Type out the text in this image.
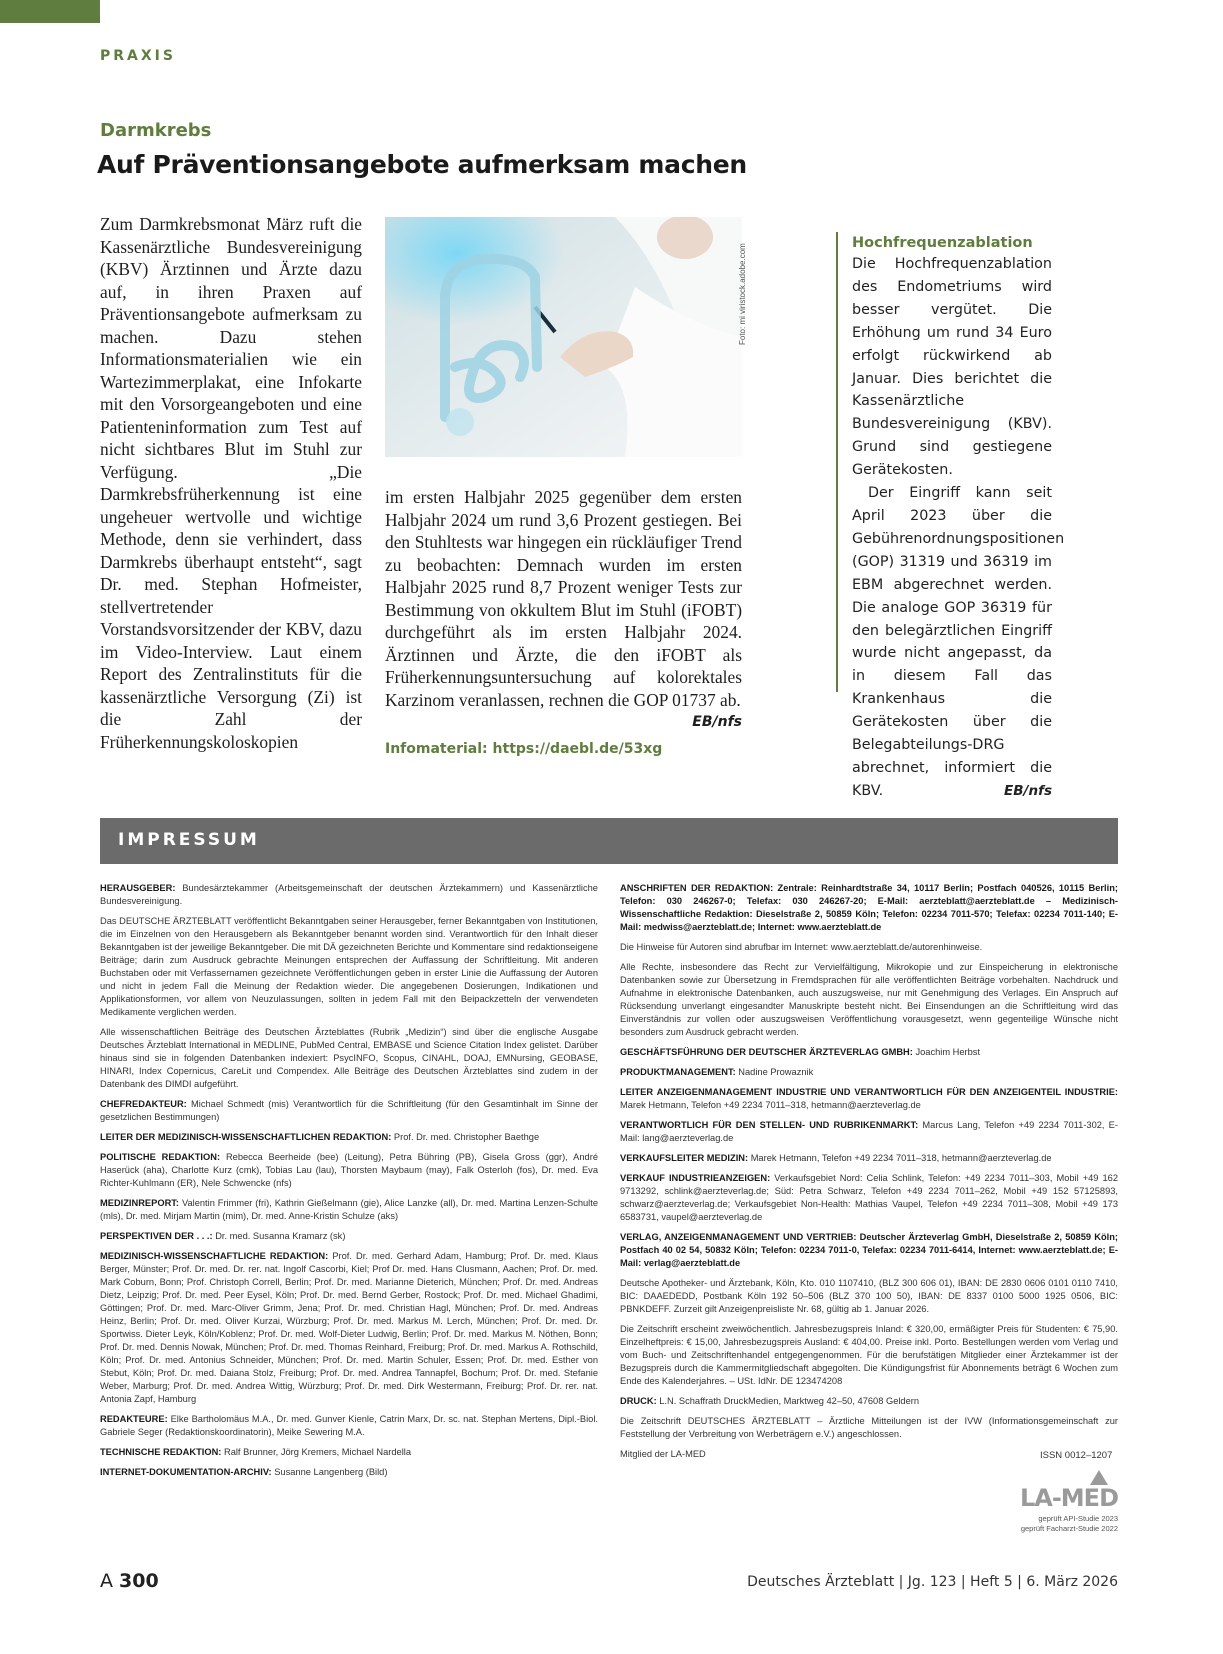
PRAXIS
Darmkrebs
Auf Präventionsangebote aufmerksam machen
Zum Darmkrebsmonat März ruft die Kassenärztliche Bundesvereinigung (KBV) Ärztinnen und Ärzte dazu auf, in ihren Praxen auf Präventionsangebote aufmerksam zu machen. Dazu stehen Informationsmaterialien wie ein Wartezimmerplakat, eine Infokarte mit den Vorsorgeangeboten und eine Patienteninformation zum Test auf nicht sichtbares Blut im Stuhl zur Verfügung. „Die Darmkrebsfrüherkennung ist eine ungeheuer wertvolle und wichtige Methode, denn sie verhindert, dass Darmkrebs überhaupt entsteht“, sagt Dr. med. Stephan Hofmeister, stellvertretender Vorstandsvorsitzender der KBV, dazu im Video-Interview. Laut einem Report des Zentralinstituts für die kassenärztliche Versorgung (Zi) ist die Zahl der Früherkennungskoloskopien
Foto: mi viristock.adobe.com
im ersten Halbjahr 2025 gegenüber dem ersten Halbjahr 2024 um rund 3,6 Prozent gestiegen. Bei den Stuhltests war hingegen ein rückläufiger Trend zu beobachten: Demnach wurden im ersten Halbjahr 2025 rund 8,7 Prozent weniger Tests zur Bestimmung von okkultem Blut im Stuhl (iFOBT) durchgeführt als im ersten Halbjahr 2024. Ärztinnen und Ärzte, die den iFOBT als Früherkennungsuntersuchung auf kolorektales Karzinom veranlassen, rechnen die GOP 01737 ab.
EB/nfs
Infomaterial: https://daebl.de/53xg
Hochfrequenzablation

Die Hochfrequenzablation des Endometriums wird besser vergütet. Die Erhöhung um rund 34 Euro erfolgt rückwirkend ab Januar. Dies berichtet die Kassenärztliche Bundesvereinigung (KBV). Grund sind gestiegene Gerätekosten.

Der Eingriff kann seit April 2023 über die Gebührenordnungspositionen (GOP) 31319 und 36319 im EBM abgerechnet werden. Die analoge GOP 36319 für den belegärztlichen Eingriff wurde nicht angepasst, da in diesem Fall das Krankenhaus die Gerätekosten über die Belegabteilungs-DRG abrechnet, informiert die KBV.	EB/nfs

IMPRESSUM

HERAUSGEBER: Bundesärztekammer (Arbeitsgemeinschaft der deutschen Ärztekammern) und Kassenärztliche Bundesvereinigung.

Das DEUTSCHE ÄRZTEBLATT veröffentlicht Bekanntgaben seiner Herausgeber, ferner Bekanntgaben von Institutionen, die im Einzelnen von den Herausgebern als Bekanntgeber benannt worden sind. Verantwortlich für den Inhalt dieser Bekanntgaben ist der jeweilige Bekanntgeber. Die mit DÄ gezeichneten Berichte und Kommentare sind redaktionseigene Beiträge; darin zum Ausdruck gebrachte Meinungen entsprechen der Auffassung der Schriftleitung. Mit anderen Buchstaben oder mit Verfassernamen gezeichnete Veröffentlichungen geben in erster Linie die Auffassung der Autoren und nicht in jedem Fall die Meinung der Redaktion wieder. Die angegebenen Dosierungen, Indikationen und Applikationsformen, vor allem von Neuzulassungen, sollten in jedem Fall mit den Beipackzetteln der verwendeten Medikamente verglichen werden.

Alle wissenschaftlichen Beiträge des Deutschen Ärzteblattes (Rubrik „Medizin“) sind über die englische Ausgabe Deutsches Ärzteblatt International in MEDLINE, PubMed Central, EMBASE und Science Citation Index gelistet. Darüber hinaus sind sie in folgenden Datenbanken indexiert: PsycINFO, Scopus, CINAHL, DOAJ, EMNursing, GEOBASE, HINARI, Index Copernicus, CareLit und Compendex. Alle Beiträge des Deutschen Ärzteblattes sind zudem in der Datenbank des DIMDI aufgeführt.

CHEFREDAKTEUR: Michael Schmedt (mis) Verantwortlich für die Schriftleitung (für den Gesamtinhalt im Sinne der gesetzlichen Bestimmungen)

LEITER DER MEDIZINISCH-WISSENSCHAFTLICHEN REDAKTION: Prof. Dr. med. Christopher Baethge

POLITISCHE REDAKTION: Rebecca Beerheide (bee) (Leitung), Petra Bühring (PB), Gisela Gross (ggr), André Haserück (aha), Charlotte Kurz (cmk), Tobias Lau (lau), Thorsten Maybaum (may), Falk Osterloh (fos), Dr. med. Eva Richter-Kuhlmann (ER), Nele Schwencke (nfs)

MEDIZINREPORT: Valentin Frimmer (fri), Kathrin Gießelmann (gie), Alice Lanzke (all), Dr. med. Martina Lenzen-Schulte (mls), Dr. med. Mirjam Martin (mim), Dr. med. Anne-Kristin Schulze (aks)

PERSPEKTIVEN DER . . .: Dr. med. Susanna Kramarz (sk)

MEDIZINISCH-WISSENSCHAFTLICHE REDAKTION: Prof. Dr. med. Gerhard Adam, Hamburg; Prof. Dr. med. Klaus Berger, Münster; Prof. Dr. med. Dr. rer. nat. Ingolf Cascorbi, Kiel; Prof Dr. med. Hans Clusmann, Aachen; Prof. Dr. med. Mark Coburn, Bonn; Prof. Christoph Correll, Berlin; Prof. Dr. med. Marianne Dieterich, München; Prof. Dr. med. Andreas Dietz, Leipzig; Prof. Dr. med. Peer Eysel, Köln; Prof. Dr. med. Bernd Gerber, Rostock; Prof. Dr. med. Michael Ghadimi, Göttingen; Prof. Dr. med. Marc-Oliver Grimm, Jena; Prof. Dr. med. Christian Hagl, München; Prof. Dr. med. Andreas Heinz, Berlin; Prof. Dr. med. Oliver Kurzai, Würzburg; Prof. Dr. med. Markus M. Lerch, München; Prof. Dr. med. Dr. Sportwiss. Dieter Leyk, Köln/Koblenz; Prof. Dr. med. Wolf-Dieter Ludwig, Berlin; Prof. Dr. med. Markus M. Nöthen, Bonn; Prof. Dr. med. Dennis Nowak, München; Prof. Dr. med. Thomas Reinhard, Freiburg; Prof. Dr. med. Markus A. Rothschild, Köln; Prof. Dr. med. Antonius Schneider, München; Prof. Dr. med. Martin Schuler, Essen; Prof. Dr. med. Esther von Stebut, Köln; Prof. Dr. med. Daiana Stolz, Freiburg; Prof. Dr. med. Andrea Tannapfel, Bochum; Prof. Dr. med. Stefanie Weber, Marburg; Prof. Dr. med. Andrea Wittig, Würzburg; Prof. Dr. med. Dirk Westermann, Freiburg; Prof. Dr. rer. nat. Antonia Zapf, Hamburg

REDAKTEURE: Elke Bartholomäus M.A., Dr. med. Gunver Kienle, Catrin Marx, Dr. sc. nat. Stephan Mertens, Dipl.-Biol. Gabriele Seger (Redaktionskoordinatorin), Meike Sewering M.A.

TECHNISCHE REDAKTION: Ralf Brunner, Jörg Kremers, Michael Nardella

INTERNET-DOKUMENTATION-ARCHIV: Susanne Langenberg (Bild)

ANSCHRIFTEN DER REDAKTION: Zentrale: Reinhardtstraße 34, 10117 Berlin; Postfach 040526, 10115 Berlin; Telefon: 030 246267-0; Telefax: 030 246267-20; E-Mail: aerzteblatt@aerzteblatt.de – Medizinisch-Wissenschaftliche Redaktion: Dieselstraße 2, 50859 Köln; Telefon: 02234 7011-570; Telefax: 02234 7011-140; E-Mail: medwiss@aerzteblatt.de; Internet: www.aerzteblatt.de

Die Hinweise für Autoren sind abrufbar im Internet: www.aerzteblatt.de/autorenhinweise.

Alle Rechte, insbesondere das Recht zur Vervielfältigung, Mikrokopie und zur Einspeicherung in elektronische Datenbanken sowie zur Übersetzung in Fremdsprachen für alle veröffentlichten Beiträge vorbehalten. Nachdruck und Aufnahme in elektronische Datenbanken, auch auszugsweise, nur mit Genehmigung des Verlages. Ein Anspruch auf Rücksendung unverlangt eingesandter Manuskripte besteht nicht. Bei Einsendungen an die Schriftleitung wird das Einverständnis zur vollen oder auszugsweisen Veröffentlichung vorausgesetzt, wenn gegenteilige Wünsche nicht besonders zum Ausdruck gebracht werden.

GESCHÄFTSFÜHRUNG DER DEUTSCHER ÄRZTEVERLAG GMBH: Joachim Herbst

PRODUKTMANAGEMENT: Nadine Prowaznik

LEITER ANZEIGENMANAGEMENT INDUSTRIE UND VERANTWORTLICH FÜR DEN ANZEIGENTEIL INDUSTRIE: Marek Hetmann, Telefon +49 2234 7011–318, hetmann@aerzteverlag.de

VERANTWORTLICH FÜR DEN STELLEN- UND RUBRIKENMARKT: Marcus Lang, Telefon +49 2234 7011-302, E-Mail: lang@aerzteverlag.de

VERKAUFSLEITER MEDIZIN: Marek Hetmann, Telefon +49 2234 7011–318, hetmann@aerzteverlag.de

VERKAUF INDUSTRIEANZEIGEN: Verkaufsgebiet Nord: Celia Schlink, Telefon: +49 2234 7011–303, Mobil +49 162 9713292, schlink@aerzteverlag.de; Süd: Petra Schwarz, Telefon +49 2234 7011–262, Mobil +49 152 57125893, schwarz@aerzteverlag.de; Verkaufsgebiet Non-Health: Mathias Vaupel, Telefon +49 2234 7011–308, Mobil +49 173 6583731, vaupel@aerzteverlag.de

VERLAG, ANZEIGENMANAGEMENT UND VERTRIEB: Deutscher Ärzteverlag GmbH, Dieselstraße 2, 50859 Köln; Postfach 40 02 54, 50832 Köln; Telefon: 02234 7011-0, Telefax: 02234 7011-6414, Internet: www.aerzteblatt.de; E-Mail: verlag@aerzteblatt.de

Deutsche Apotheker- und Ärztebank, Köln, Kto. 010 1107410, (BLZ 300 606 01), IBAN: DE 2830 0606 0101 0110 7410, BIC: DAAEDEDD, Postbank Köln 192 50–506 (BLZ 370 100 50), IBAN: DE 8337 0100 5000 1925 0506, BIC: PBNKDEFF. Zurzeit gilt Anzeigenpreisliste Nr. 68, gültig ab 1. Januar 2026.

Die Zeitschrift erscheint zweiwöchentlich. Jahresbezugspreis Inland: € 320,00, ermäßigter Preis für Studenten: € 75,90. Einzelheftpreis: € 15,00, Jahresbezugspreis Ausland: € 404,00. Preise inkl. Porto. Bestellungen werden vom Verlag und vom Buch- und Zeitschriftenhandel entgegengenommen. Für die berufstätigen Mitglieder einer Ärztekammer ist der Bezugspreis durch die Kammermitgliedschaft abgegolten. Die Kündigungsfrist für Abonnements beträgt 6 Wochen zum Ende des Kalenderjahres. – USt. IdNr. DE 123474208

DRUCK: L.N. Schaffrath DruckMedien, Marktweg 42–50, 47608 Geldern

Die Zeitschrift DEUTSCHES ÄRZTEBLATT – Ärztliche Mitteilungen ist der IVW (Informationsgemeinschaft zur Feststellung der Verbreitung von Werbeträgern e.V.) angeschlossen.

Mitglied der LA-MED	ISSN 0012–1207
LA-MED
geprüft API-Studie 2023
geprüft Facharzt-Studie 2022
A 300	Deutsches Ärzteblatt | Jg. 123 | Heft 5 | 6. März 2026
